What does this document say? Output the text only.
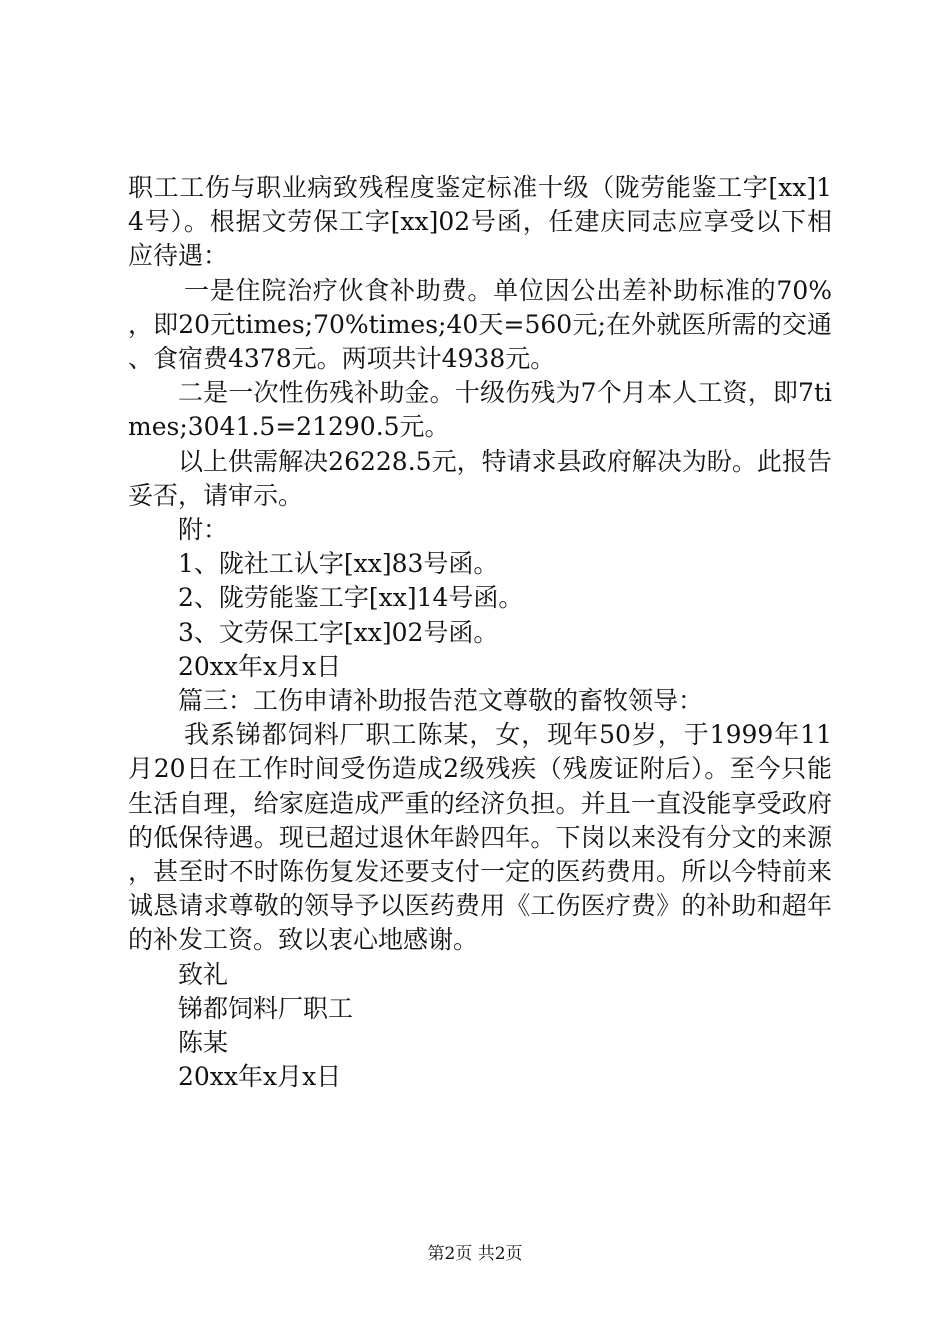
职工工伤与职业病致残程度鉴定标准十级（陇劳能鉴工字[xx]14号）。根据文劳保工字[xx]02号函，任建庆同志应享受以下相应待遇：

一是住院治疗伙食补助费。单位因公出差补助标准的70%，即20元times;70%times;40天=560元;在外就医所需的交通、食宿费4378元。两项共计4938元。

二是一次性伤残补助金。十级伤残为7个月本人工资，即7times;3041.5=21290.5元。

以上供需解决26228.5元，特请求县政府解决为盼。此报告妥否，请审示。

附：

1、陇社工认字[xx]83号函。

2、陇劳能鉴工字[xx]14号函。

3、文劳保工字[xx]02号函。

20xx年x月x日

篇三：工伤申请补助报告范文尊敬的畜牧领导：

我系锑都饲料厂职工陈某，女，现年50岁，于1999年11月20日在工作时间受伤造成2级残疾（残废证附后）。至今只能生活自理，给家庭造成严重的经济负担。并且一直没能享受政府的低保待遇。现已超过退休年龄四年。下岗以来没有分文的来源，甚至时不时陈伤复发还要支付一定的医药费用。所以今特前来诚恳请求尊敬的领导予以医药费用《工伤医疗费》的补助和超年的补发工资。致以衷心地感谢。

致礼

锑都饲料厂职工

陈某

20xx年x月x日

第2页 共2页
